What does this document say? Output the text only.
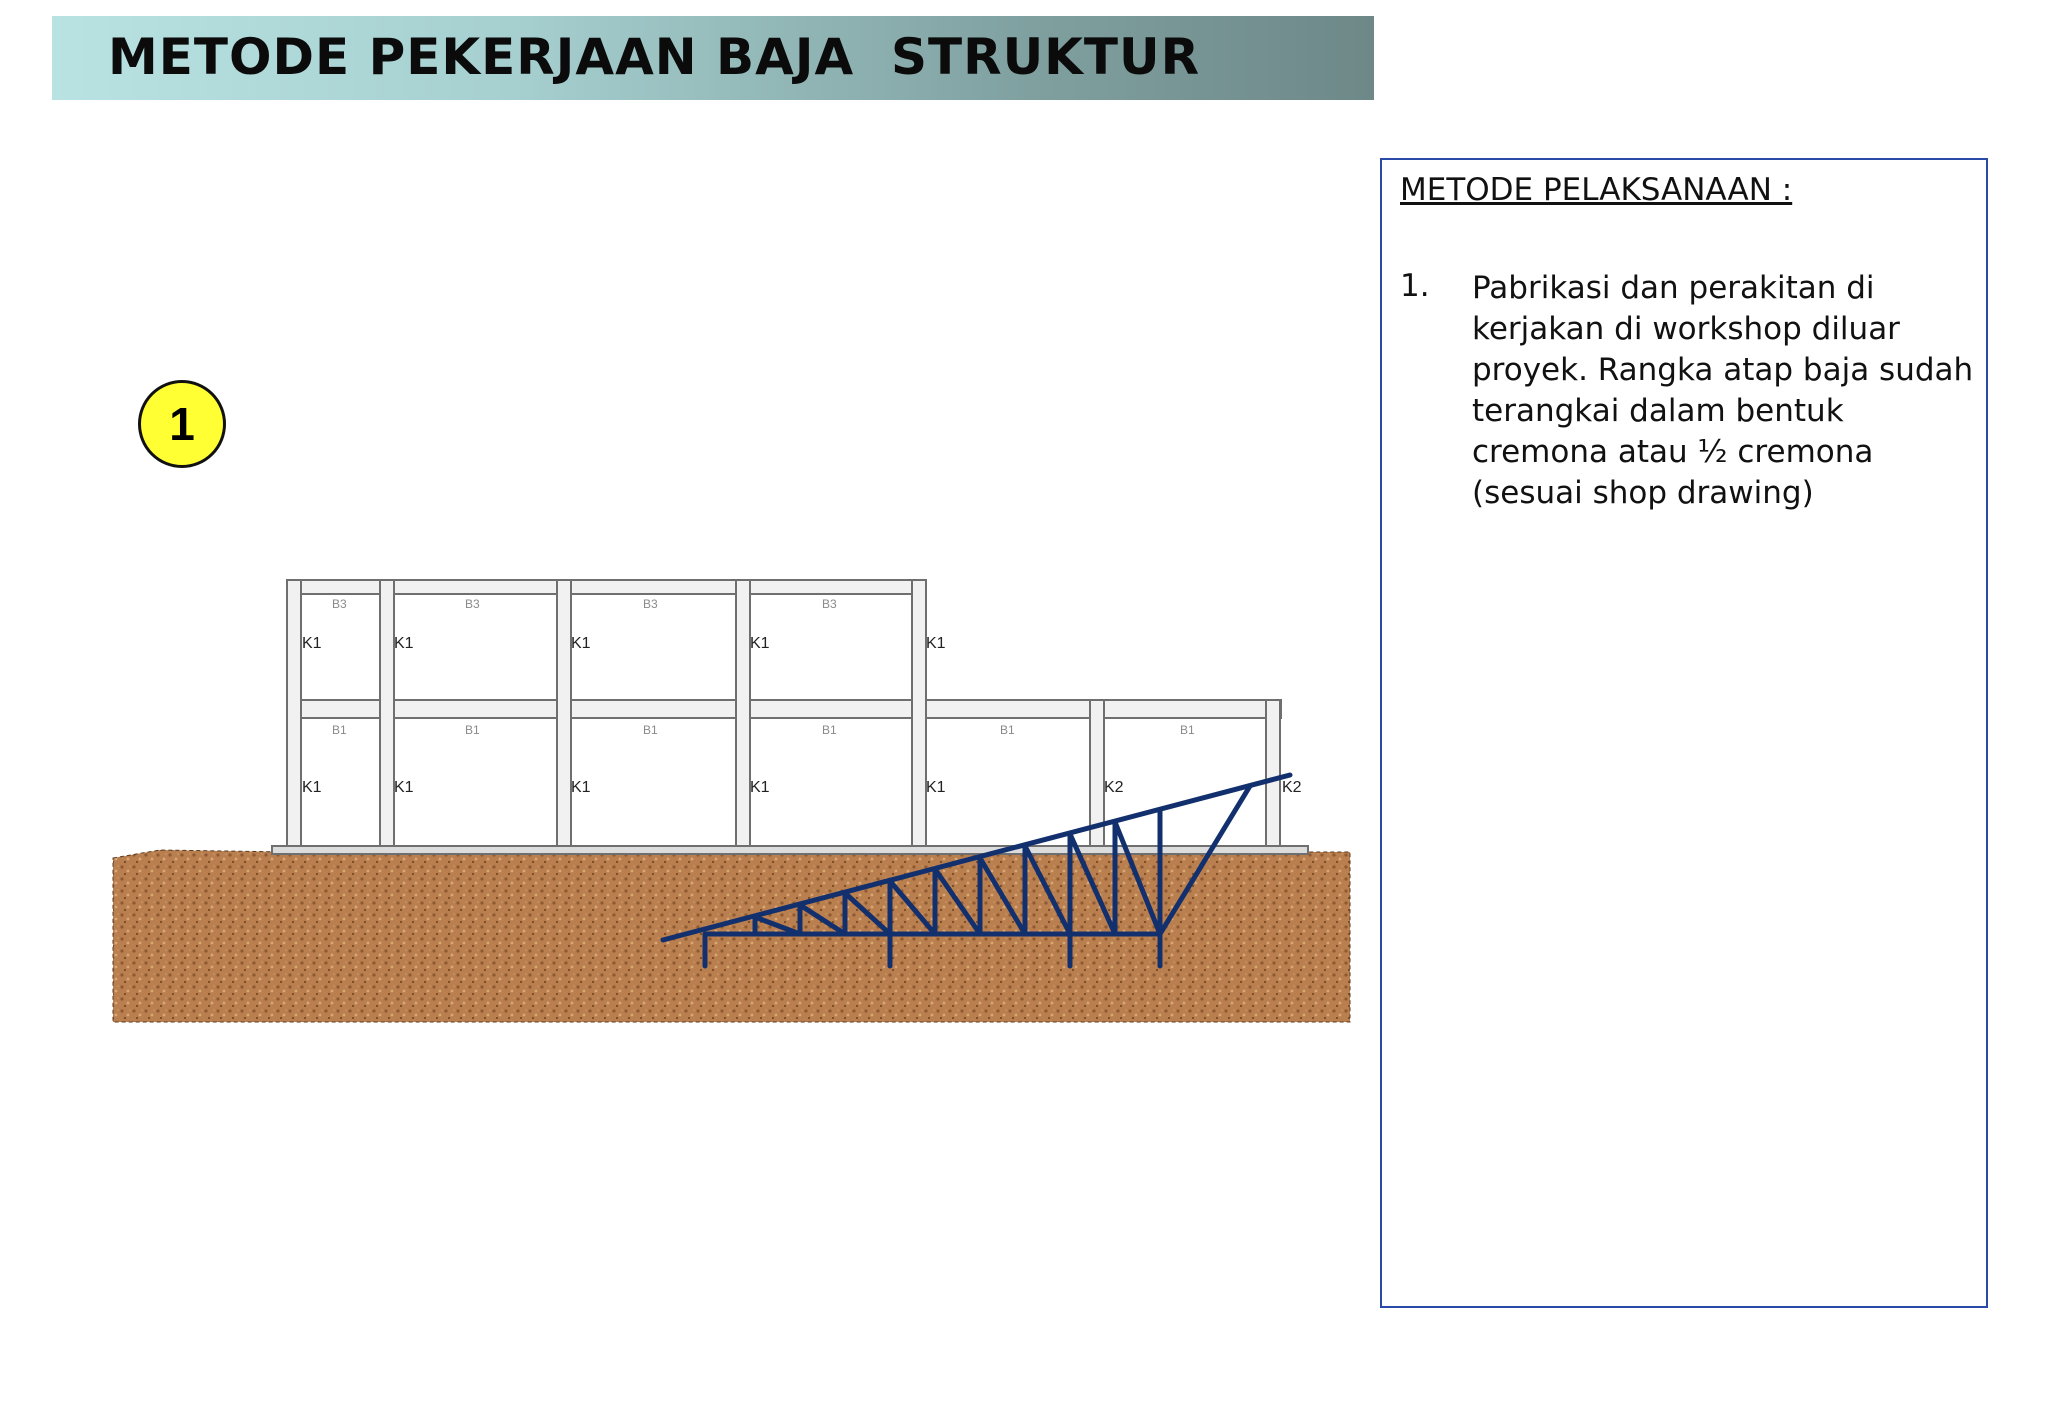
METODE PEKERJAAN BAJA  STRUKTUR
B3	B3	B3	B3
B1	B1	B1	B1	B1	B1
K1	K1	K1	K1	K1
K1	K1	K1	K1	K1	K2	K2
1
METODE PELAKSANAAN :
1. Pabrikasi dan perakitan di kerjakan di workshop diluar proyek. Rangka atap baja sudah terangkai dalam bentuk cremona atau ½ cremona (sesuai shop drawing)
